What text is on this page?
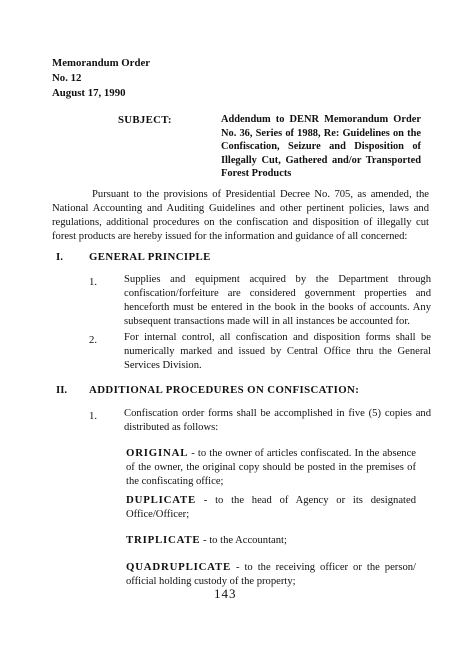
Memorandum Order
No. 12
August 17, 1990
SUBJECT:	Addendum to DENR Memorandum Order No. 36, Series of 1988, Re: Guidelines on the Confiscation, Seizure and Disposition of Illegally Cut, Gathered and/or Transported Forest Products
Pursuant to the provisions of Presidential Decree No. 705, as amended, the National Accounting and Auditing Guidelines and other pertinent policies, laws and regulations, additional procedures on the confiscation and disposition of illegally cut forest products are hereby issued for the information and guidance of all concerned:
I. GENERAL PRINCIPLE
1.	Supplies and equipment acquired by the Department through confiscation/forfeiture are considered government properties and henceforth must be entered in the book in the books of accounts. Any subsequent transactions made will in all instances be accounted for.
2.	For internal control, all confiscation and disposition forms shall be numerically marked and issued by Central Office thru the General Services Division.
II. ADDITIONAL PROCEDURES ON CONFISCATION:
1.	Confiscation order forms shall be accomplished in five (5) copies and distributed as follows:
ORIGINAL - to the owner of articles confiscated. In the absence of the owner, the original copy should be posted in the premises of the confiscating office;
DUPLICATE - to the head of Agency or its designated Office/Officer;
TRIPLICATE - to the Accountant;
QUADRUPLICATE - to the receiving officer or the person/ official holding custody of the property;
143
